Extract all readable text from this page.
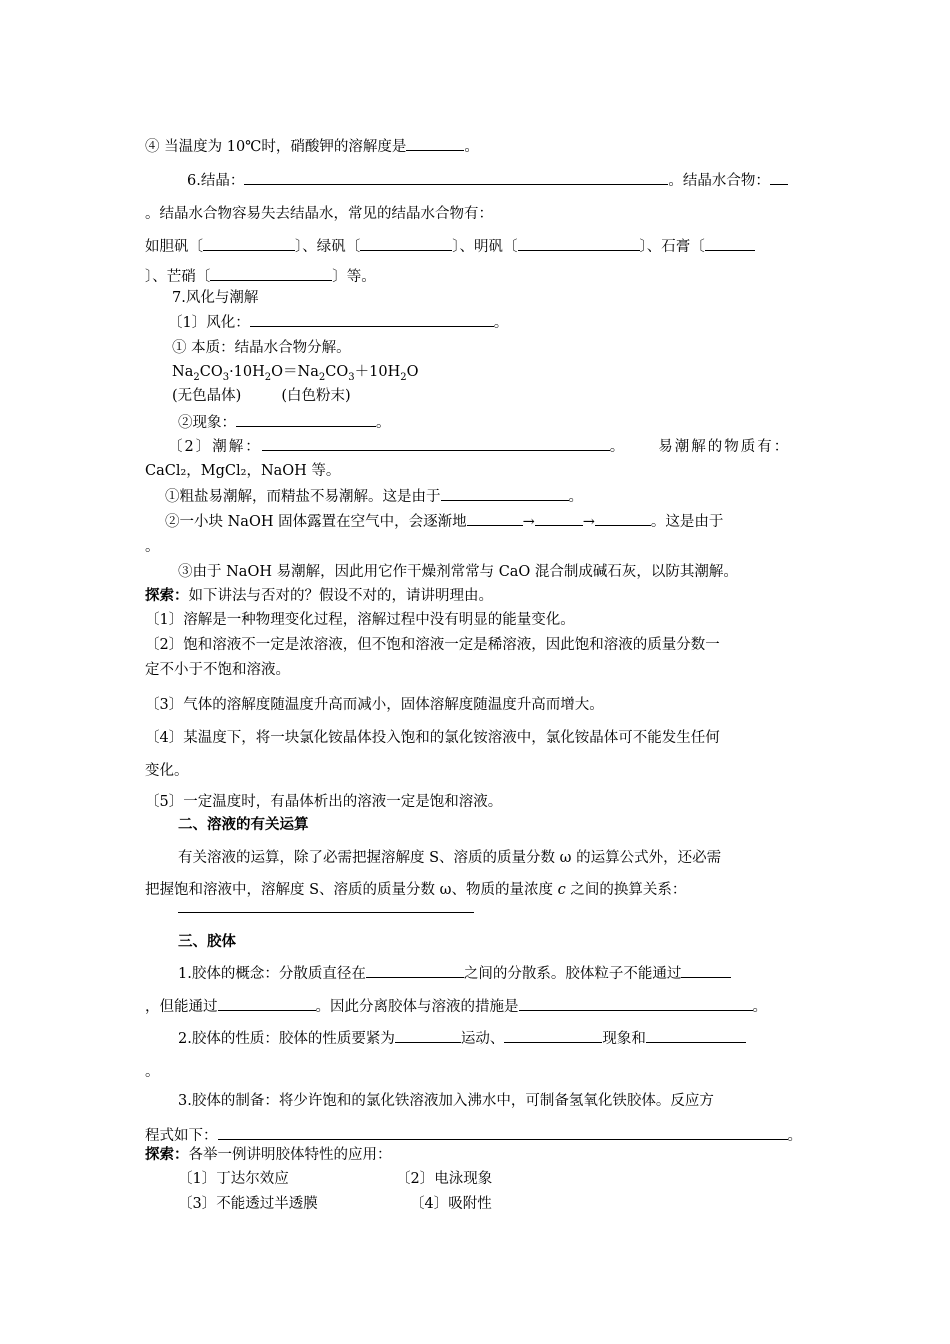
④ 当温度为 10℃时，硝酸钾的溶解度是	。
6.结晶：	。结晶水合物：
。结晶水合物容易失去结晶水，常见的结晶水合物有：
如胆矾〔	〕、绿矾〔	〕、明矾〔	〕、石膏〔
〕、芒硝〔	〕等。
7.风化与潮解
〔1〕风化：	。
① 本质：结晶水合物分解。
$Na_2CO_3\cdot 10H_2O=Na_2CO_3+10H_2O$
(无色晶体)	(白色粉末)
②现象：	。
〔2〕潮解：	。 易潮解的物质有：
CaCl₂，MgCl₂，NaOH 等。
①粗盐易潮解，而精盐不易潮解。这是由于	。
②一小块 NaOH 固体露置在空气中，会逐渐地	→	→	。这是由于
。
③由于 NaOH 易潮解，因此用它作干燥剂常常与 CaO 混合制成碱石灰，以防其潮解。
探索：如下讲法与否对的？假设不对的，请讲明理由。
〔1〕溶解是一种物理变化过程，溶解过程中没有明显的能量变化。
〔2〕饱和溶液不一定是浓溶液，但不饱和溶液一定是稀溶液，因此饱和溶液的质量分数一
定不小于不饱和溶液。
〔3〕气体的溶解度随温度升高而减小，固体溶解度随温度升高而增大。
〔4〕某温度下，将一块氯化铵晶体投入饱和的氯化铵溶液中，氯化铵晶体可不能发生任何
变化。
〔5〕一定温度时，有晶体析出的溶液一定是饱和溶液。
二、溶液的有关运算
有关溶液的运算，除了必需把握溶解度 S、溶质的质量分数 ω 的运算公式外，还必需
把握饱和溶液中，溶解度 S、溶质的质量分数 ω、物质的量浓度 c 之间的换算关系：
三、胶体
1.胶体的概念：分散质直径在	之间的分散系。胶体粒子不能通过
，但能通过	。因此分离胶体与溶液的措施是	。
2.胶体的性质：胶体的性质要紧为	运动、	现象和
。
3.胶体的制备：将少许饱和的氯化铁溶液加入沸水中，可制备氢氧化铁胶体。反应方
程式如下：	。
探索：各举一例讲明胶体特性的应用：
〔1〕丁达尔效应	〔2〕电泳现象
〔3〕不能透过半透膜	〔4〕吸附性
